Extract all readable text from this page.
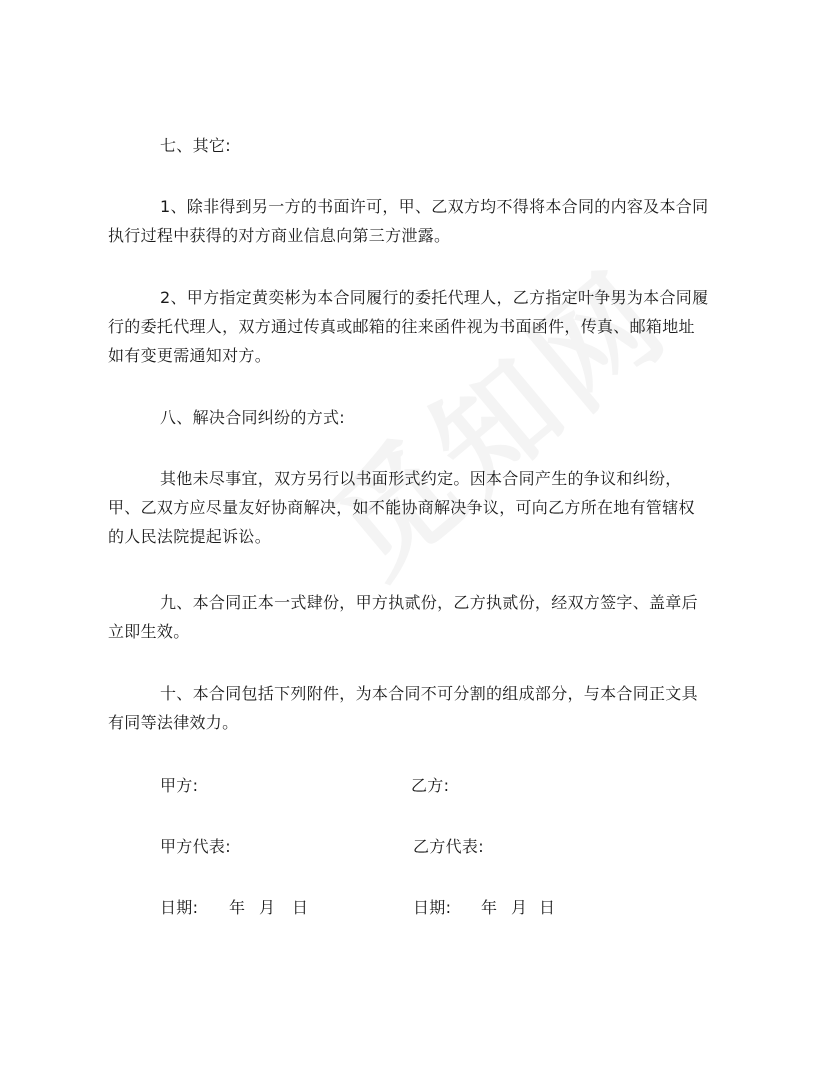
七、其它:

1、除非得到另一方的书面许可，甲、乙双方均不得将本合同的内容及本合同
执行过程中获得的对方商业信息向第三方泄露。

2、甲方指定黄奕彬为本合同履行的委托代理人，乙方指定叶争男为本合同履
行的委托代理人，双方通过传真或邮箱的往来函件视为书面函件，传真、邮箱地址
如有变更需通知对方。

八、解决合同纠纷的方式:

其他未尽事宜，双方另行以书面形式约定。因本合同产生的争议和纠纷，
甲、乙双方应尽量友好协商解决，如不能协商解决争议，可向乙方所在地有管辖权
的人民法院提起诉讼。

九、本合同正本一式肆份，甲方执贰份，乙方执贰份，经双方签字、盖章后
立即生效。

十、本合同包括下列附件，为本合同不可分割的组成部分，与本合同正文具
有同等法律效力。

甲方:	乙方:
甲方代表:	乙方代表:
日期: 年 月 日	日期: 年 月 日
